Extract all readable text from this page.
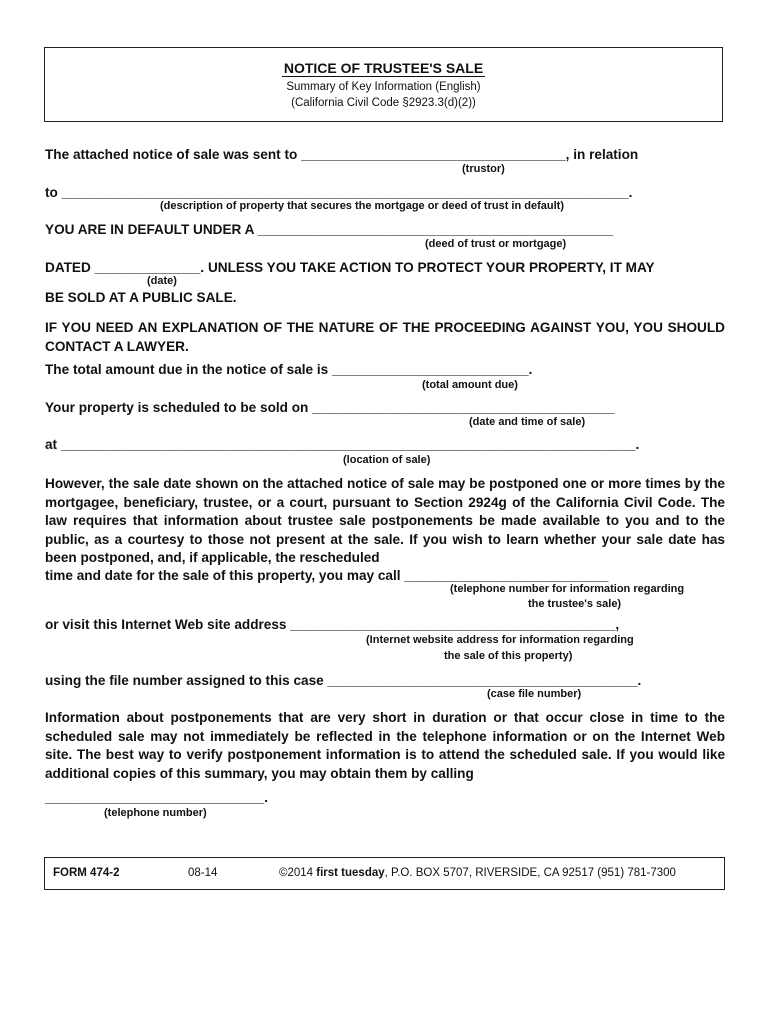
NOTICE OF TRUSTEE'S SALE
Summary of Key Information (English)
(California Civil Code §2923.3(d)(2))
The attached notice of sale was sent to ___________________________________, in relation
(trustor)
to ___________________________________________________________________________.
(description of property that secures the mortgage or deed of trust in default)
YOU ARE IN DEFAULT UNDER A _______________________________________________
(deed of trust or mortgage)
DATED ______________. UNLESS YOU TAKE ACTION TO PROTECT YOUR PROPERTY, IT MAY
(date)
BE SOLD AT A PUBLIC SALE.
IF YOU NEED AN EXPLANATION OF THE NATURE OF THE PROCEEDING AGAINST YOU, YOU SHOULD CONTACT A LAWYER.
The total amount due in the notice of sale is __________________________.
(total amount due)
Your property is scheduled to be sold on ________________________________________
(date and time of sale)
at ____________________________________________________________________________.
(location of sale)
However, the sale date shown on the attached notice of sale may be postponed one or more times by the mortgagee, beneficiary, trustee, or a court, pursuant to Section 2924g of the California Civil Code. The law requires that information about trustee sale postponements be made available to you and to the public, as a courtesy to those not present at the sale. If you wish to learn whether your sale date has been postponed, and, if applicable, the rescheduled
time and date for the sale of this property, you may call ___________________________
(telephone number for information regarding
the trustee's sale)
or visit this Internet Web site address ___________________________________________,
(Internet website address for information regarding
the sale of this property)
using the file number assigned to this case _________________________________________.
(case file number)
Information about postponements that are very short in duration or that occur close in time to the scheduled sale may not immediately be reflected in the telephone information or on the Internet Web site. The best way to verify postponement information is to attend the scheduled sale. If you would like additional copies of this summary, you may obtain them by calling
_____________________________.
(telephone number)
FORM 474-2	08-14	©2014 first tuesday, P.O. BOX 5707, RIVERSIDE, CA 92517 (951) 781-7300
